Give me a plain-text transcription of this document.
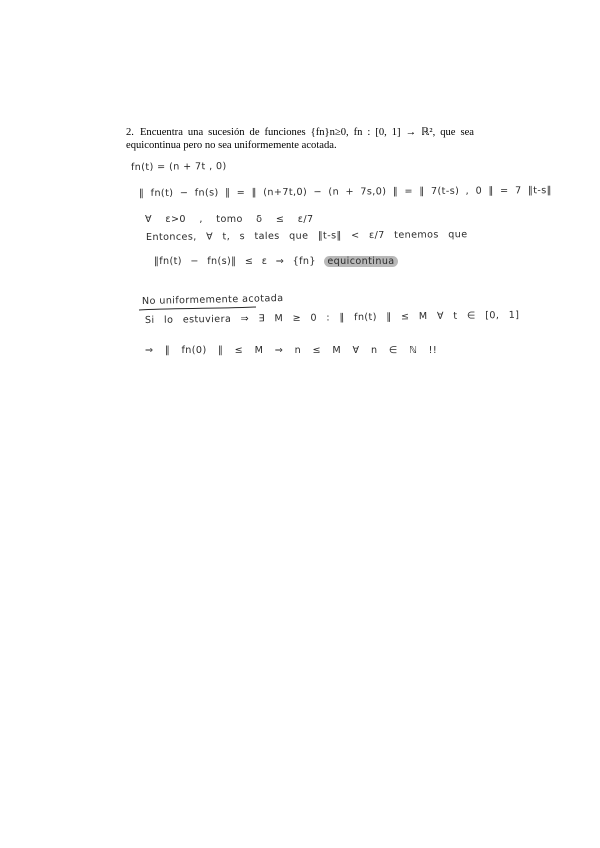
2. Encuentra una sucesión de funciones {fn}n≥0, fn : [0, 1] → ℝ², que sea equicontinua pero no sea uniformemente acotada.
fn(t) = (n + 7t , 0)
‖ fn(t) − fn(s) ‖ = ‖ (n+7t,0) − (n + 7s,0) ‖ = ‖ 7(t-s) , 0 ‖ = 7 ‖t-s‖
∀ ε>0 , tomo δ ≤ ε/7
Entonces, ∀ t, s tales que ‖t-s‖ < ε/7 tenemos que
‖fn(t) − fn(s)‖ ≤ ε ⇒ {fn} equicontinua
No uniformemente acotada
Si lo estuviera ⇒ ∃ M ≥ 0 : ‖ fn(t) ‖ ≤ M ∀ t ∈ [0, 1]
⇒ ‖ fn(0) ‖ ≤ M ⇒ n ≤ M ∀ n ∈ ℕ !!
